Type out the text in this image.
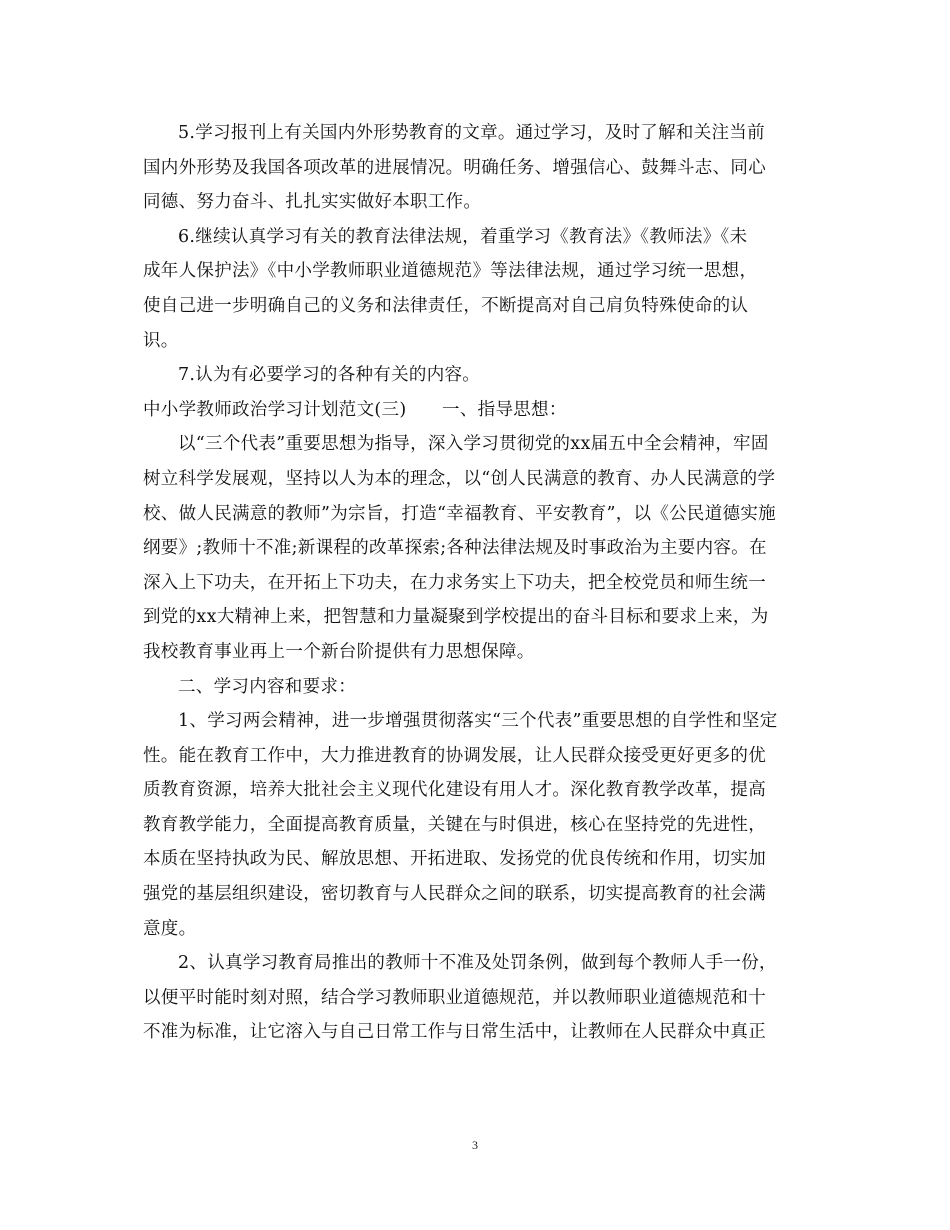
5.学习报刊上有关国内外形势教育的文章。通过学习，及时了解和关注当前
国内外形势及我国各项改革的进展情况。明确任务、增强信心、鼓舞斗志、同心
同德、努力奋斗、扎扎实实做好本职工作。
6.继续认真学习有关的教育法律法规，着重学习《教育法》《教师法》《未
成年人保护法》《中小学教师职业道德规范》等法律法规，通过学习统一思想，
使自己进一步明确自己的义务和法律责任，不断提高对自己肩负特殊使命的认
识。
7.认为有必要学习的各种有关的内容。
中小学教师政治学习计划范文(三)　　一、指导思想：
以“三个代表”重要思想为指导，深入学习贯彻党的xx届五中全会精神，牢固
树立科学发展观，坚持以人为本的理念，以“创人民满意的教育、办人民满意的学
校、做人民满意的教师”为宗旨，打造“幸福教育、平安教育”，以《公民道德实施
纲要》;教师十不准;新课程的改革探索;各种法律法规及时事政治为主要内容。在
深入上下功夫，在开拓上下功夫，在力求务实上下功夫，把全校党员和师生统一
到党的xx大精神上来，把智慧和力量凝聚到学校提出的奋斗目标和要求上来，为
我校教育事业再上一个新台阶提供有力思想保障。
二、学习内容和要求：
1、学习两会精神，进一步增强贯彻落实“三个代表”重要思想的自学性和坚定
性。能在教育工作中，大力推进教育的协调发展，让人民群众接受更好更多的优
质教育资源，培养大批社会主义现代化建设有用人才。深化教育教学改革，提高
教育教学能力，全面提高教育质量，关键在与时俱进，核心在坚持党的先进性，
本质在坚持执政为民、解放思想、开拓进取、发扬党的优良传统和作用，切实加
强党的基层组织建设，密切教育与人民群众之间的联系，切实提高教育的社会满
意度。
2、认真学习教育局推出的教师十不准及处罚条例，做到每个教师人手一份，
以便平时能时刻对照，结合学习教师职业道德规范，并以教师职业道德规范和十
不准为标准，让它溶入与自己日常工作与日常生活中，让教师在人民群众中真正
3
